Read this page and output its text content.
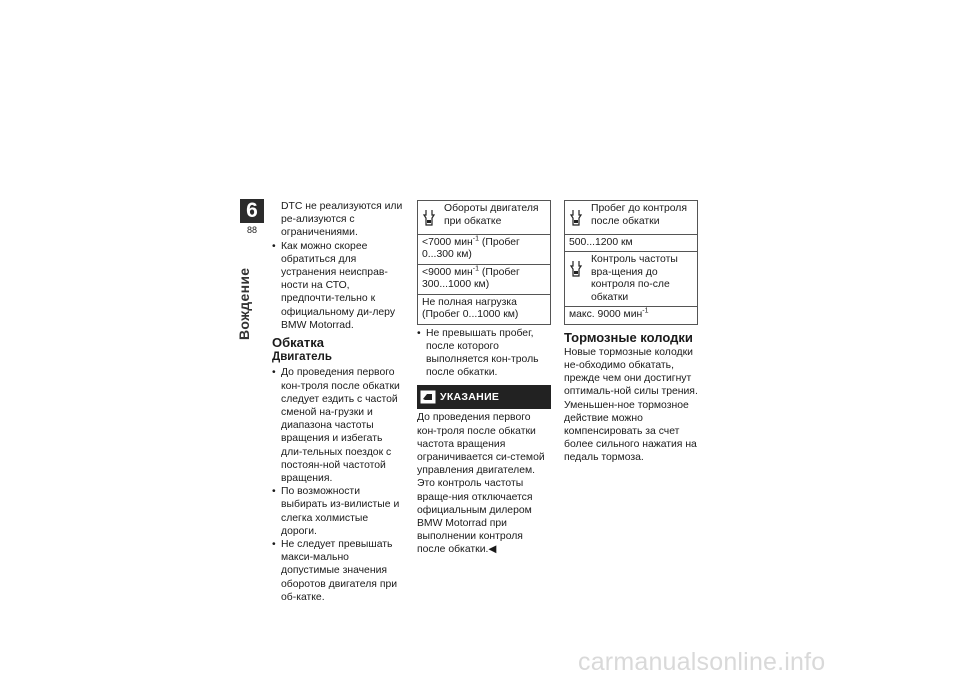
6
88
Вождение

DTC не реализуются или ре-ализуются с ограничениями.

• Как можно скорее обратиться для устранения неисправ-ности на СТО, предпочти-тельно к официальному ди-леру BMW Motorrad.
Обкатка
Двигатель
• До проведения первого кон-троля после обкатки следует ездить с частой сменой на-грузки и диапазона частоты вращения и избегать дли-тельных поездок с постоян-ной частотой вращения.
• По возможности выбирать из-вилистые и слегка холмистые дороги.
• Не следует превышать макси-мально допустимые значения оборотов двигателя при об-катке.
Обороты двигателя при обкатке
<7000 мин$^{-1}$ (Пробег 0...300 км)
<9000 мин$^{-1}$ (Пробег 300...1000 км)
Не полная нагрузка (Пробег 0...1000 км)
• Не превышать пробег, после которого выполняется кон-троль после обкатки.
УКАЗАНИЕ

До проведения первого кон-троля после обкатки частота вращения ограничивается си-стемой управления двигателем. Это контроль частоты враще-ния отключается официальным дилером BMW Motorrad при выполнении контроля после обкатки.◀

Пробег до контроля после обкатки
500...1200 км
Контроль частоты вра-щения до контроля по-сле обкатки
макс. 9000 мин$^{-1}$
Тормозные колодки

Новые тормозные колодки не-обходимо обкатать, прежде чем они достигнут оптималь-ной силы трения. Уменьшен-ное тормозное действие можно компенсировать за счет более сильного нажатия на педаль тормоза.

carmanualsonline.info
